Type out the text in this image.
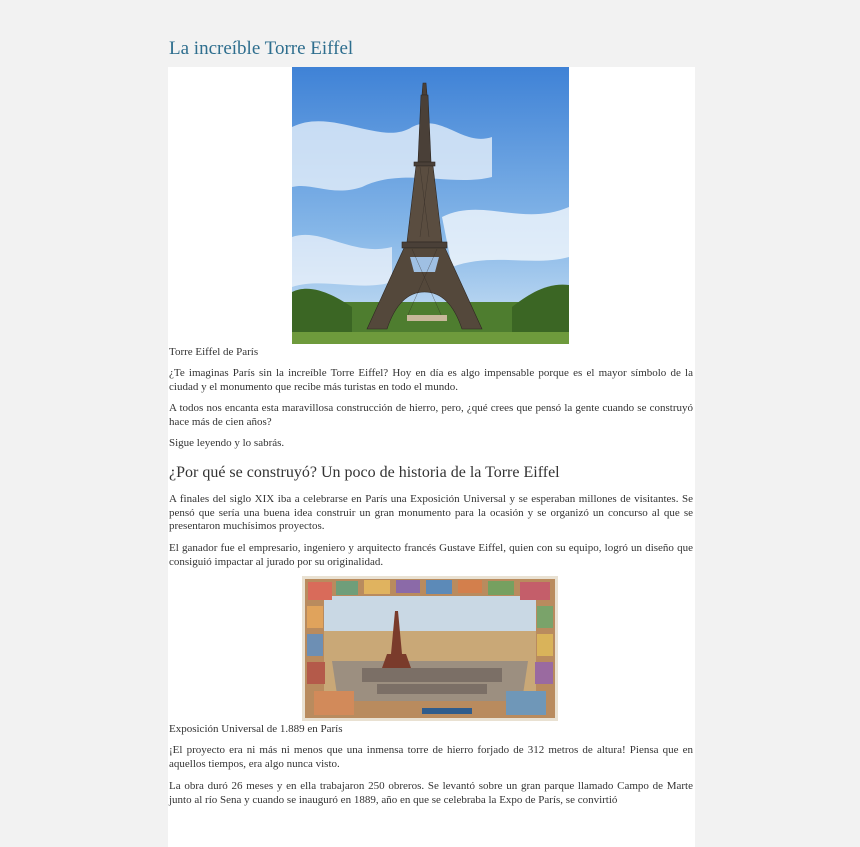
La increíble Torre Eiffel
Torre Eiffel de París
¿Te imaginas París sin la increíble Torre Eiffel? Hoy en día es algo impensable porque es el mayor símbolo de la ciudad y el monumento que recibe más turistas en todo el mundo.
A todos nos encanta esta maravillosa construcción de hierro, pero, ¿qué crees que pensó la gente cuando se construyó hace más de cien años?
Sigue leyendo y lo sabrás.
¿Por qué se construyó? Un poco de historia de la Torre Eiffel
A finales del siglo XIX iba a celebrarse en París una Exposición Universal y se esperaban millones de visitantes. Se pensó que sería una buena idea construir un gran monumento para la ocasión y se organizó un concurso al que se presentaron muchísimos proyectos.
El ganador fue el empresario, ingeniero y arquitecto francés Gustave Eiffel, quien con su equipo, logró un diseño que consiguió impactar al jurado por su originalidad.
Exposición Universal de 1.889 en París
¡El proyecto era ni más ni menos que una inmensa torre de hierro forjado de 312 metros de altura! Piensa que en aquellos tiempos, era algo nunca visto.
La obra duró 26 meses y en ella trabajaron 250 obreros. Se levantó sobre un gran parque llamado Campo de Marte junto al río Sena y cuando se inauguró en 1889, año en que se celebraba la Expo de París, se convirtió
